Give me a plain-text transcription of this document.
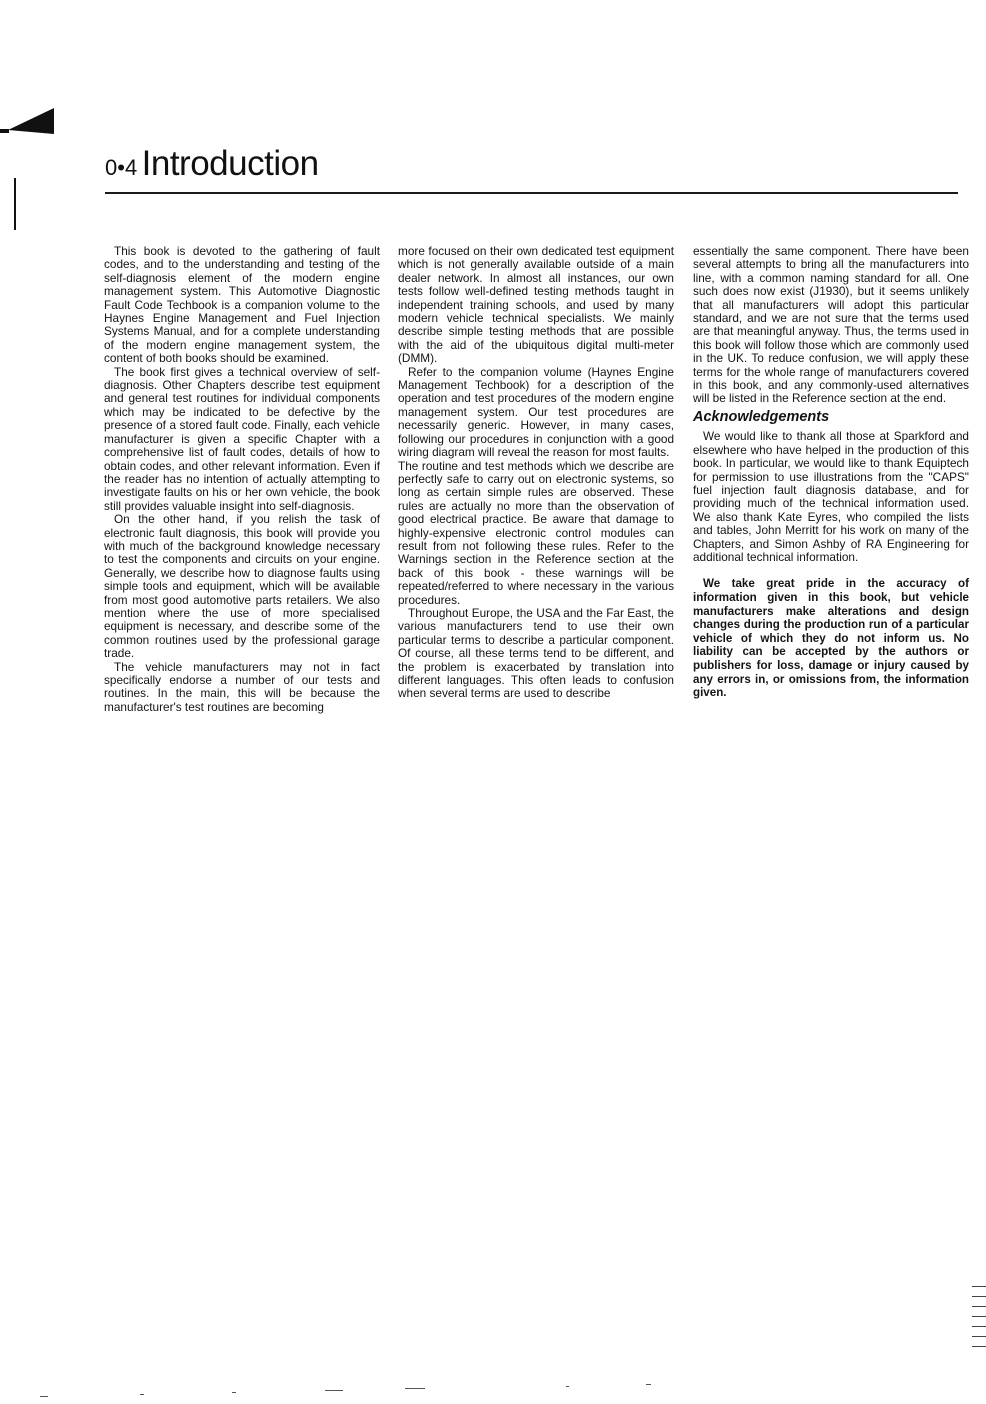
0•4 Introduction

This book is devoted to the gathering of fault codes, and to the understanding and testing of the self-diagnosis element of the modern engine management system. This Automotive Diagnostic Fault Code Techbook is a companion volume to the Haynes Engine Management and Fuel Injection Systems Manual, and for a complete understanding of the modern engine management system, the content of both books should be examined.

The book first gives a technical overview of self-diagnosis. Other Chapters describe test equipment and general test routines for individual components which may be indicated to be defective by the presence of a stored fault code. Finally, each vehicle manufacturer is given a specific Chapter with a comprehensive list of fault codes, details of how to obtain codes, and other relevant information. Even if the reader has no intention of actually attempting to investigate faults on his or her own vehicle, the book still provides valuable insight into self-diagnosis.

On the other hand, if you relish the task of electronic fault diagnosis, this book will provide you with much of the background knowledge necessary to test the components and circuits on your engine. Generally, we describe how to diagnose faults using simple tools and equipment, which will be available from most good automotive parts retailers. We also mention where the use of more specialised equipment is necessary, and describe some of the common routines used by the professional garage trade.

The vehicle manufacturers may not in fact specifically endorse a number of our tests and routines. In the main, this will be because the manufacturer's test routines are becoming

more focused on their own dedicated test equipment which is not generally available outside of a main dealer network. In almost all instances, our own tests follow well-defined testing methods taught in independent training schools, and used by many modern vehicle technical specialists. We mainly describe simple testing methods that are possible with the aid of the ubiquitous digital multi-meter (DMM).

Refer to the companion volume (Haynes Engine Management Techbook) for a description of the operation and test procedures of the modern engine management system. Our test procedures are necessarily generic. However, in many cases, following our procedures in conjunction with a good wiring diagram will reveal the reason for most faults.

The routine and test methods which we describe are perfectly safe to carry out on electronic systems, so long as certain simple rules are observed. These rules are actually no more than the observation of good electrical practice. Be aware that damage to highly-expensive electronic control modules can result from not following these rules. Refer to the Warnings section in the Reference section at the back of this book - these warnings will be repeated/referred to where necessary in the various procedures.

Throughout Europe, the USA and the Far East, the various manufacturers tend to use their own particular terms to describe a particular component. Of course, all these terms tend to be different, and the problem is exacerbated by translation into different languages. This often leads to confusion when several terms are used to describe

essentially the same component. There have been several attempts to bring all the manufacturers into line, with a common naming standard for all. One such does now exist (J1930), but it seems unlikely that all manufacturers will adopt this particular standard, and we are not sure that the terms used are that meaningful anyway. Thus, the terms used in this book will follow those which are commonly used in the UK. To reduce confusion, we will apply these terms for the whole range of manufacturers covered in this book, and any commonly-used alternatives will be listed in the Reference section at the end.

Acknowledgements

We would like to thank all those at Sparkford and elsewhere who have helped in the production of this book. In particular, we would like to thank Equiptech for permission to use illustrations from the "CAPS" fuel injection fault diagnosis database, and for providing much of the technical information used. We also thank Kate Eyres, who compiled the lists and tables, John Merritt for his work on many of the Chapters, and Simon Ashby of RA Engineering for additional technical information.

We take great pride in the accuracy of information given in this book, but vehicle manufacturers make alterations and design changes during the production run of a particular vehicle of which they do not inform us. No liability can be accepted by the authors or publishers for loss, damage or injury caused by any errors in, or omissions from, the information given.
